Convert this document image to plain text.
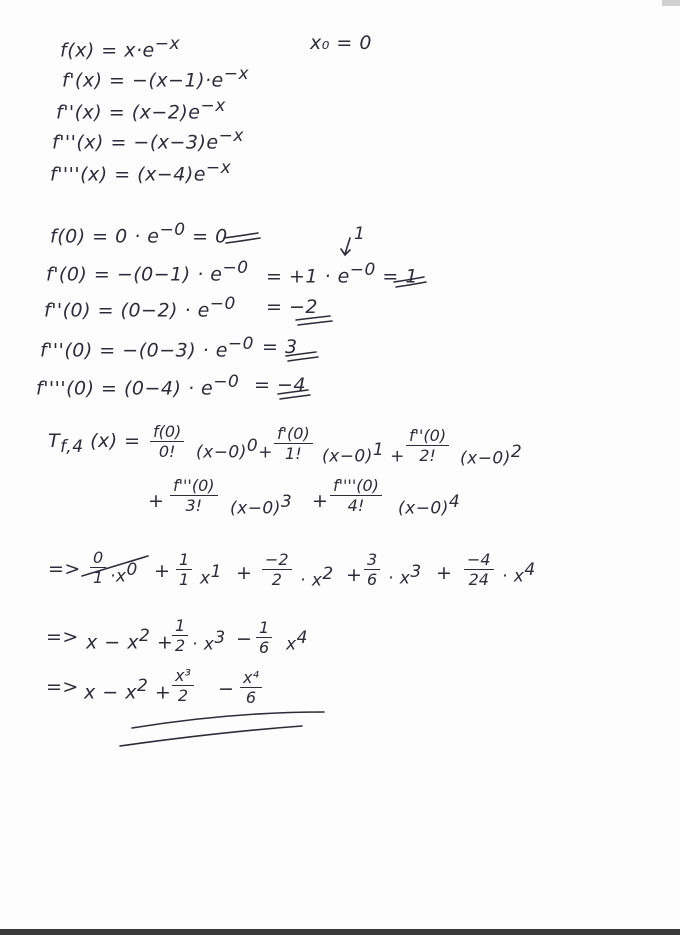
$f(x) = x\cdot e^{-x}$	x₀ = 0
$f'(x) = -(x-1)\cdot e^{-x}$
$f''(x) = (x-2)e^{-x}$
$f'''(x) = -(x-3)e^{-x}$
$f''''(x) = (x-4)e^{-x}$
$f(0) = 0 \cdot e^{-0} = 0$	1
$f'(0) = -(0-1) \cdot e^{-0} = +1 \cdot e^{-0} = 1$
$f''(0) = (0-2) \cdot e^{-0} = -2$
$f'''(0) = -(0-3) \cdot e^{-0} = 3$
$f''''(0) = (0-4) \cdot e^{-0} = -4$
$T_{f,4}$ $(x) = \frac{f(0)}{0!} (x-0)^0+ \frac{f'(0)}{1!} (x-0)^1 + \frac{f''(0)}{2!} (x-0)^2$
+ $\frac{f'''(0)}{3!} (x-0)^3 + \frac{f''''(0)}{4!} (x-0)^4$
=> $\frac{0}{1} \cdot x^0 + \frac{1}{1} x^1 + \frac{-2}{2} \cdot x^2 + \frac{3}{6} \cdot x^3 + \frac{-4}{24} \cdot x^4$
=> $x - x^2$ +
$\frac{1}{2} \cdot x^3 - \frac{1}{6} x^4$
=> $x - x^2 + \frac{\text{x³}}{2} - \frac{\text{x⁴}}{6}$
